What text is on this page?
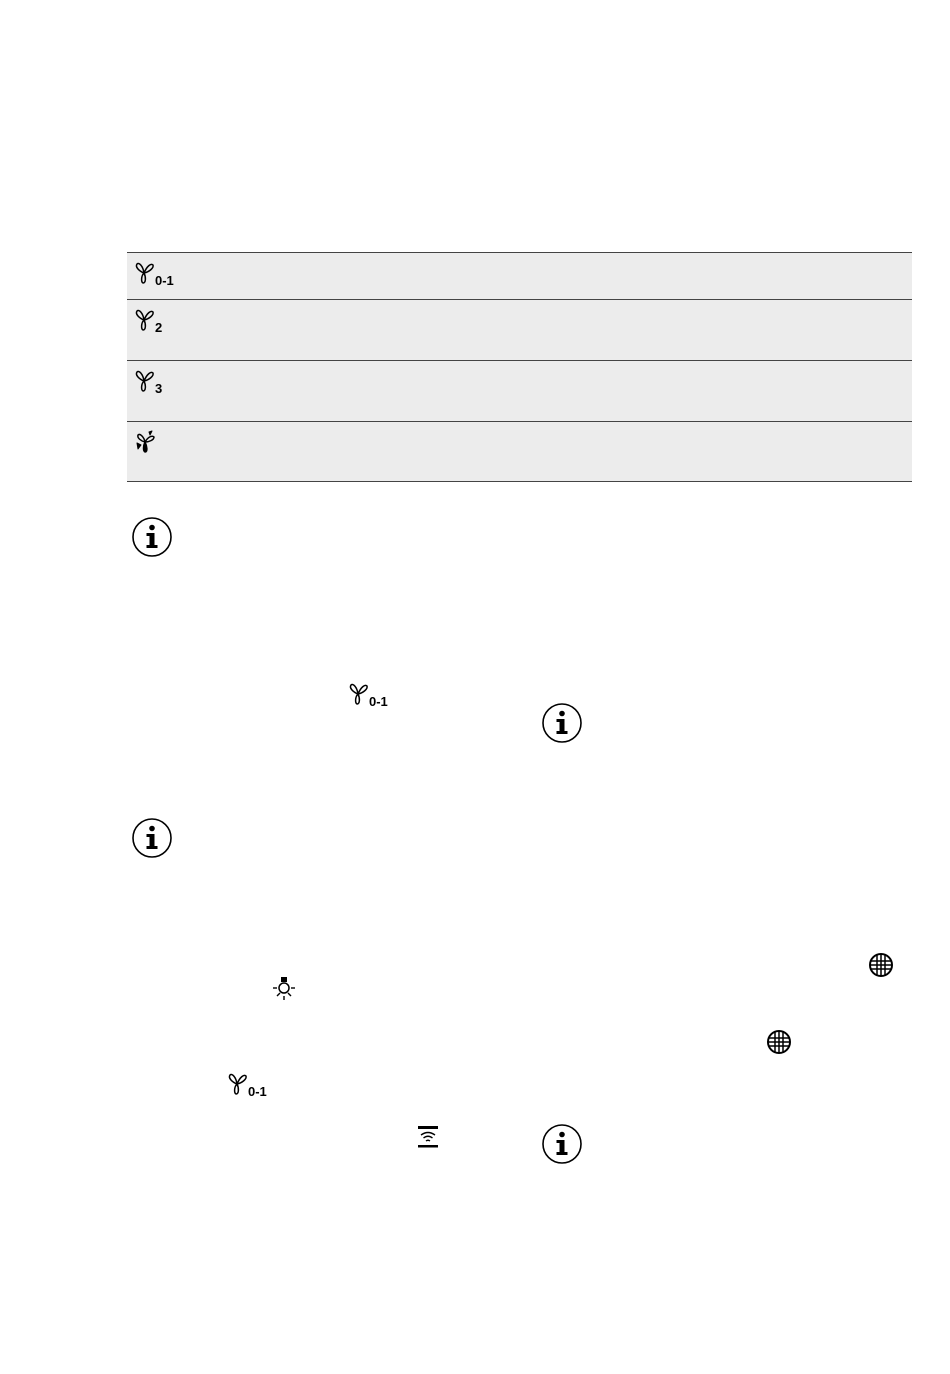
0-1
2
3
0-1
0-1
